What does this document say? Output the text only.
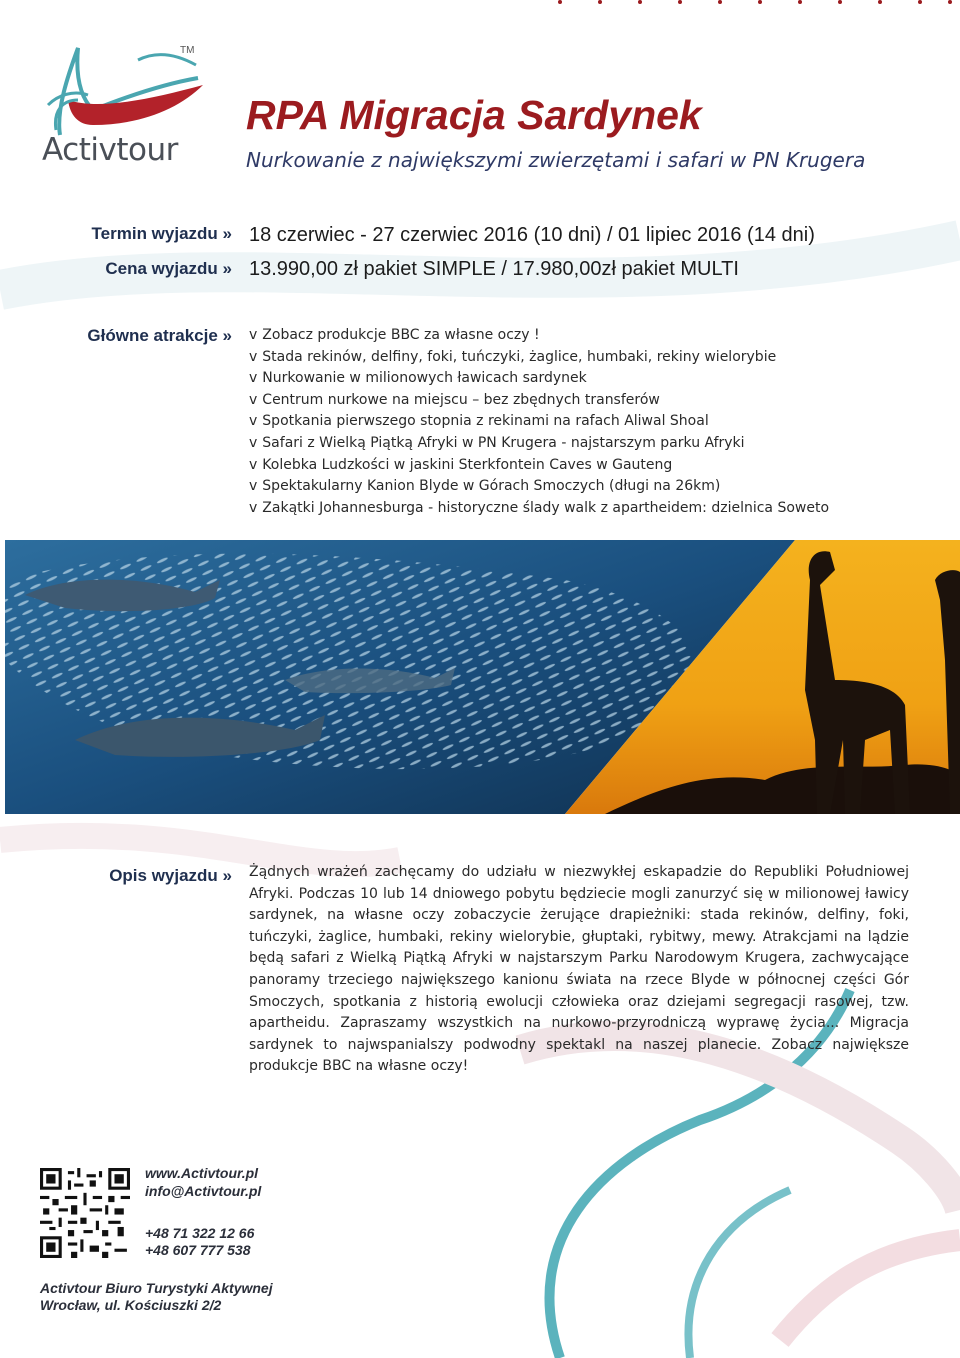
TM
Activtour
RPA Migracja Sardynek
Nurkowanie z największymi zwierzętami i safari w PN Krugera
Termin wyjazdu » 18 czerwiec - 27 czerwiec 2016 (10 dni) / 01 lipiec 2016 (14 dni)
Cena wyjazdu » 13.990,00 zł pakiet SIMPLE / 17.980,00zł pakiet MULTI
Główne atrakcje » v Zobacz produkcje BBC za własne oczy !
v Stada rekinów, delfiny, foki, tuńczyki, żaglice, humbaki, rekiny wielorybie
v Nurkowanie w milionowych ławicach sardynek
v Centrum nurkowe na miejscu – bez zbędnych transferów
v Spotkania pierwszego stopnia z rekinami na rafach Aliwal Shoal
v Safari z Wielką Piątką Afryki w PN Krugera - najstarszym parku Afryki
v Kolebka Ludzkości w jaskini Sterkfontein Caves w Gauteng
v Spektakularny Kanion Blyde w Górach Smoczych (długi na 26km)
v Zakątki Johannesburga - historyczne ślady walk z apartheidem: dzielnica Soweto
Opis wyjazdu » Żądnych wrażeń zachęcamy do udziału w niezwykłej eskapadzie do Republiki Południowej Afryki. Podczas 10 lub 14 dniowego pobytu będziecie mogli zanurzyć się w milionowej ławicy sardynek, na własne oczy zobaczycie żerujące drapieżniki: stada rekinów, delfiny, foki, tuńczyki, żaglice, humbaki, rekiny wielorybie, głuptaki, rybitwy, mewy. Atrakcjami na lądzie będą safari z Wielką Piątką Afryki w najstarszym Parku Narodowym Krugera, zachwycające panoramy trzeciego największego kanionu świata na rzece Blyde w północnej części Gór Smoczych, spotkania z historią ewolucji człowieka oraz dziejami segregacji rasowej, tzw. apartheidu. Zapraszamy wszystkich na nurkowo-przyrodniczą wyprawę życia... Migracja sardynek to najwspanialszy podwodny spektakl na naszej planecie. Zobacz największe produkcje BBC na własne oczy!
www.Activtour.pl
info@Activtour.pl
+48 71 322 12 66
+48 607 777 538
Activtour Biuro Turystyki Aktywnej
Wrocław, ul. Kościuszki 2/2
